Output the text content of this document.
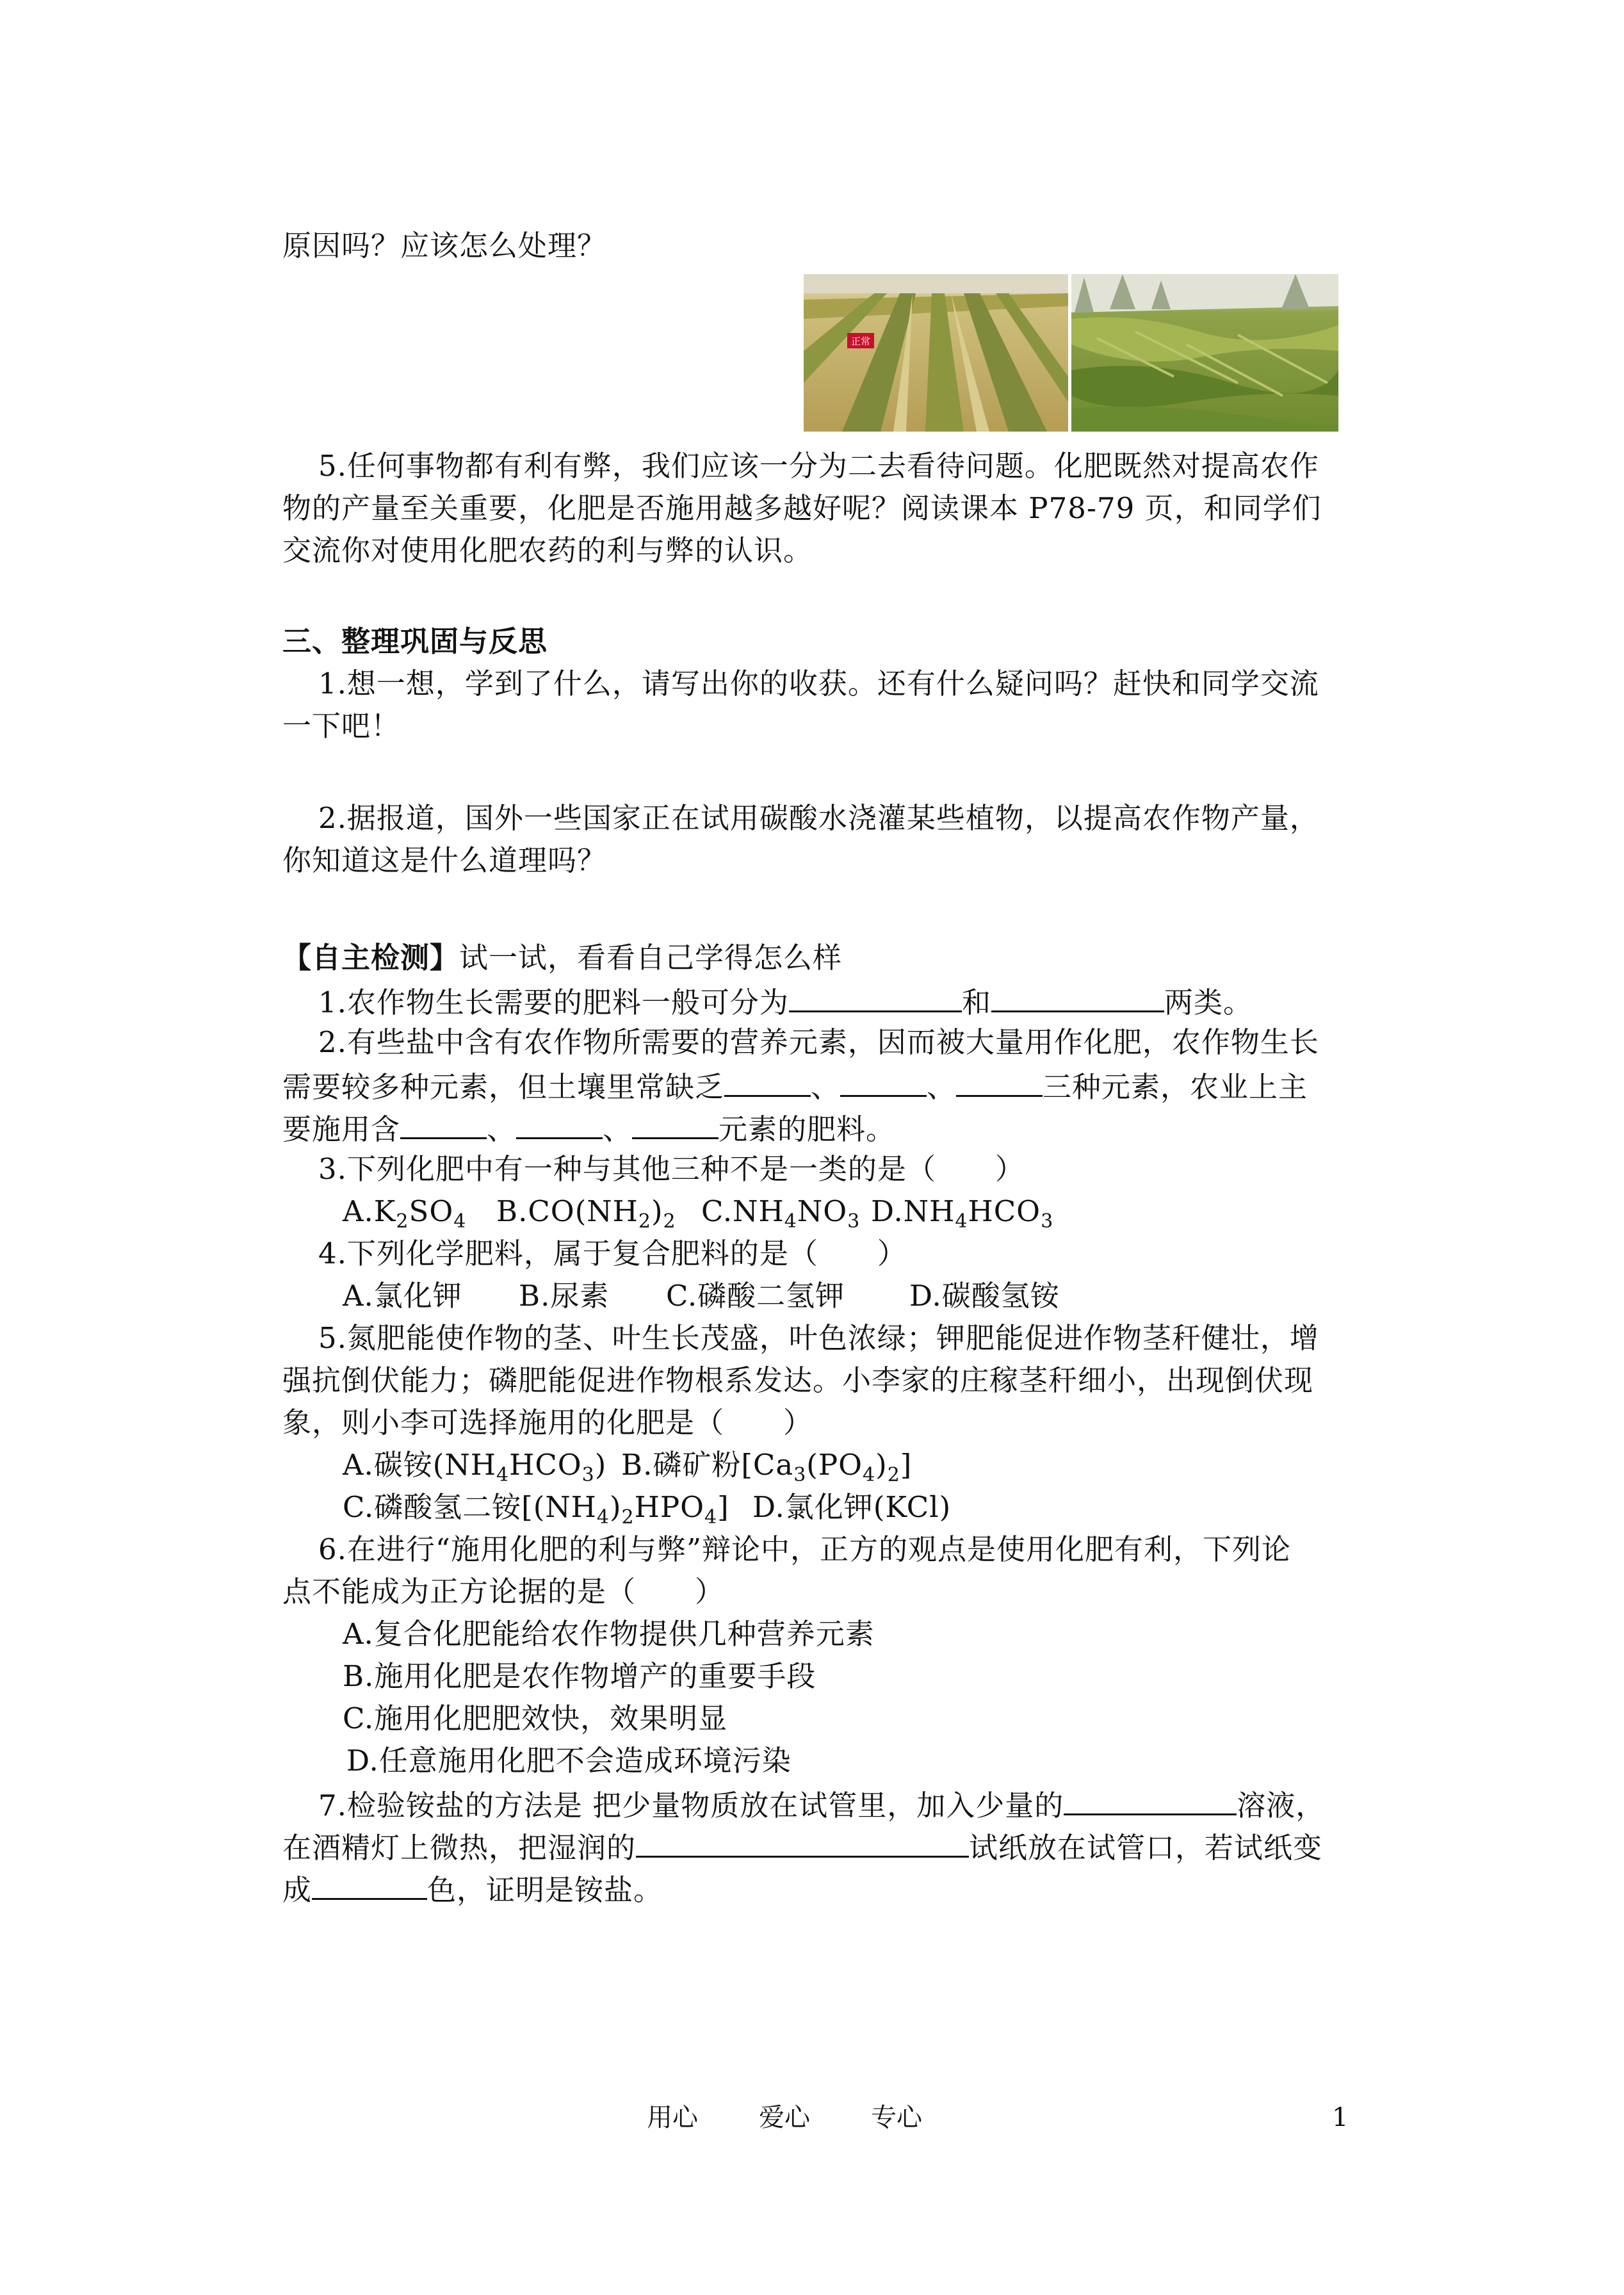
原因吗？应该怎么处理？
正常
5.任何事物都有利有弊，我们应该一分为二去看待问题。化肥既然对提高农作
物的产量至关重要，化肥是否施用越多越好呢？阅读课本 P78-79 页，和同学们
交流你对使用化肥农药的利与弊的认识。
三、整理巩固与反思
1.想一想，学到了什么，请写出你的收获。还有什么疑问吗？赶快和同学交流
一下吧！
2.据报道，国外一些国家正在试用碳酸水浇灌某些植物，以提高农作物产量，
你知道这是什么道理吗？
【自主检测】试一试，看看自己学得怎么样
1.农作物生长需要的肥料一般可分为	和	两类。
2.有些盐中含有农作物所需要的营养元素，因而被大量用作化肥，农作物生长
需要较多种元素，但土壤里常缺乏	、	、	三种元素，农业上主
要施用含	、	、	元素的肥料。
3.下列化肥中有一种与其他三种不是一类的是（　　）
$A.K_2SO_4$ $B.CO(NH_2)_2$ $C.NH_4NO_3$ $D.NH_4HCO_3$
4.下列化学肥料，属于复合肥料的是（　　）
A.氯化钾 B.尿素 C.磷酸二氢钾 D.碳酸氢铵
5.氮肥能使作物的茎、叶生长茂盛，叶色浓绿；钾肥能促进作物茎秆健壮，增
强抗倒伏能力；磷肥能促进作物根系发达。小李家的庄稼茎秆细小，出现倒伏现
象，则小李可选择施用的化肥是（　　）
A.碳铵$(NH_4HCO_3)$ B.磷矿粉$[Ca_3(PO_4)_2]$
C.磷酸氢二铵$[(NH_4)_2HPO_4]$ D.氯化钾(KCl)
6.在进行“施用化肥的利与弊”辩论中，正方的观点是使用化肥有利，下列论
点不能成为正方论据的是（　　）
A.复合化肥能给农作物提供几种营养元素
B.施用化肥是农作物增产的重要手段
C.施用化肥肥效快，效果明显
D.任意施用化肥不会造成环境污染
7.检验铵盐的方法是 把少量物质放在试管里，加入少量的	溶液，
在酒精灯上微热，把湿润的	试纸放在试管口，若试纸变
成	色，证明是铵盐。
用心 爱心 专心	1
